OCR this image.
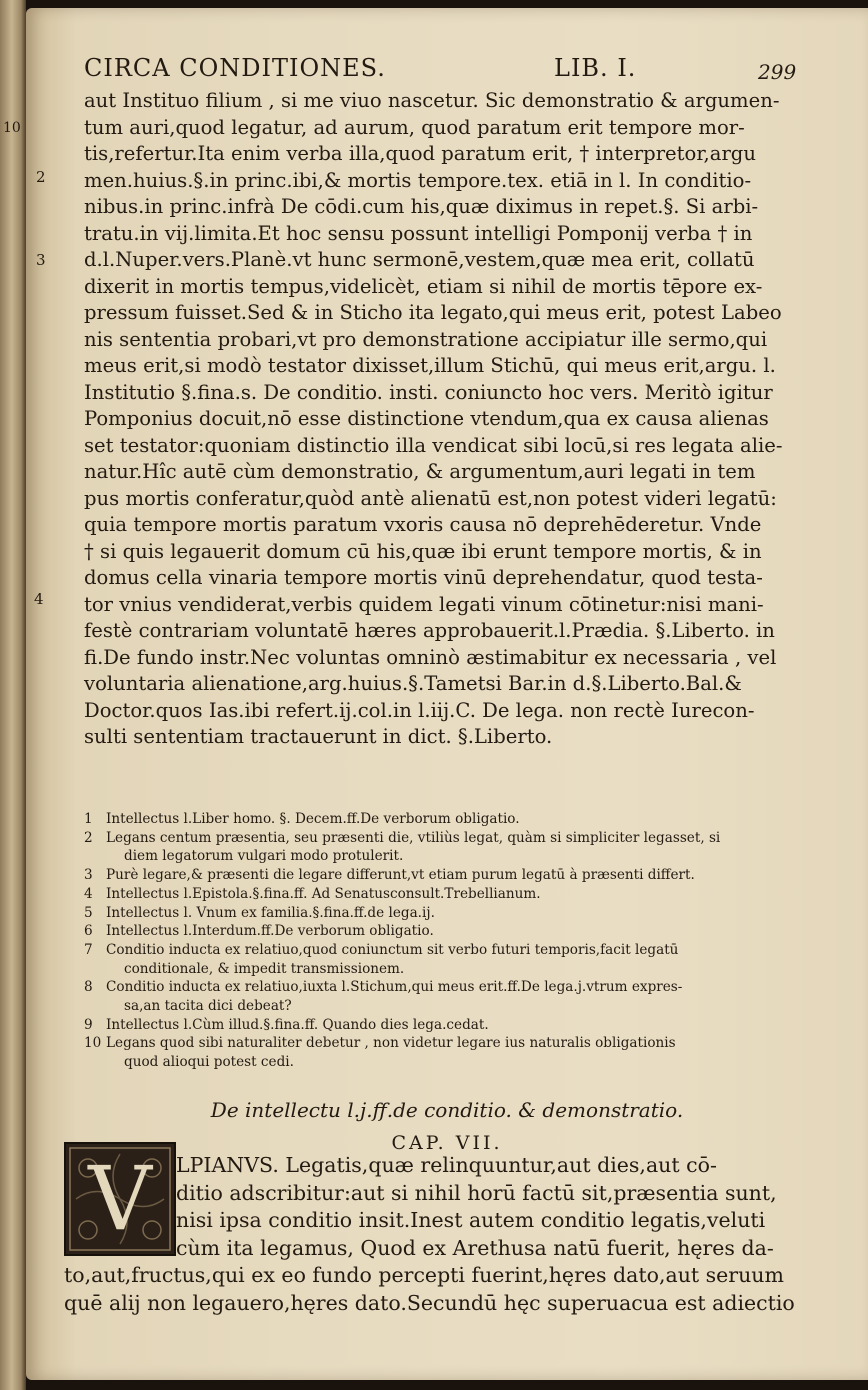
10
CIRCA CONDITIONES.	LIB. I.	299
2
3
4
aut Instituo filium , si me viuo nascetur. Sic demonstratio & argumen-
tum auri,quod legatur, ad aurum, quod paratum erit tempore mor-
tis,refertur.Ita enim verba illa,quod paratum erit, † interpretor,argu
men.huius.§.in princ.ibi,& mortis tempore.tex. etiā in l. In conditio-
nibus.in princ.infrà De cōdi.cum his,quæ diximus in repet.§. Si arbi-
tratu.in vij.limita.Et hoc sensu possunt intelligi Pomponij verba † in
d.l.Nuper.vers.Planè.vt hunc sermonē,vestem,quæ mea erit, collatū
dixerit in mortis tempus,videlicèt, etiam si nihil de mortis tēpore ex-
pressum fuisset.Sed & in Sticho ita legato,qui meus erit, potest Labeo
nis sententia probari,vt pro demonstratione accipiatur ille sermo,qui
meus erit,si modò testator dixisset,illum Stichū, qui meus erit,argu. l.
Institutio §.fina.s. De conditio. insti. coniuncto hoc vers. Meritò igitur
Pomponius docuit,nō esse distinctione vtendum,qua ex causa alienas
set testator:quoniam distinctio illa vendicat sibi locū,si res legata alie-
natur.Hîc autē cùm demonstratio, & argumentum,auri legati in tem
pus mortis conferatur,quòd antè alienatū est,non potest videri legatū:
quia tempore mortis paratum vxoris causa nō deprehēderetur. Vnde
† si quis legauerit domum cū his,quæ ibi erunt tempore mortis, & in
domus cella vinaria tempore mortis vinū deprehendatur, quod testa-
tor vnius vendiderat,verbis quidem legati vinum cōtinetur:nisi mani-
festè contrariam voluntatē hæres approbauerit.l.Prædia. §.Liberto. in
fi.De fundo instr.Nec voluntas omninò æstimabitur ex necessaria , vel
voluntaria alienatione,arg.huius.§.Tametsi Bar.in d.§.Liberto.Bal.&
Doctor.quos Ias.ibi refert.ij.col.in l.iij.C. De lega. non rectè Iurecon-
sulti sententiam tractauerunt in dict. §.Liberto.
1 Intellectus l.Liber homo. §. Decem.ff.De verborum obligatio.
2 Legans centum præsentia, seu præsenti die, vtiliùs legat, quàm si simpliciter legasset, si
diem legatorum vulgari modo protulerit.
3 Purè legare,& præsenti die legare differunt,vt etiam purum legatū à præsenti differt.
4 Intellectus l.Epistola.§.fina.ff. Ad Senatusconsult.Trebellianum.
5 Intellectus l. Vnum ex familia.§.fina.ff.de lega.ij.
6 Intellectus l.Interdum.ff.De verborum obligatio.
7 Conditio inducta ex relatiuo,quod coniunctum sit verbo futuri temporis,facit legatū
conditionale, & impedit transmissionem.
8 Conditio inducta ex relatiuo,iuxta l.Stichum,qui meus erit.ff.De lega.j.vtrum expres-
sa,an tacita dici debeat?
9 Intellectus l.Cùm illud.§.fina.ff. Quando dies lega.cedat.
10 Legans quod sibi naturaliter debetur , non videtur legare ius naturalis obligationis
quod alioqui potest cedi.
De intellectu l.j.ff.de conditio. & demonstratio.
CAP. VII.
V	LPIANVS. Legatis,quæ relinquuntur,aut dies,aut cō-
ditio adscribitur:aut si nihil horū factū sit,præsentia sunt,
nisi ipsa conditio insit.Inest autem conditio legatis,veluti
cùm ita legamus, Quod ex Arethusa natū fuerit, hęres da-
to,aut,fructus,qui ex eo fundo percepti fuerint,hęres dato,aut seruum
quē alij non legauero,hęres dato.Secundū hęc superuacua est adiectio
